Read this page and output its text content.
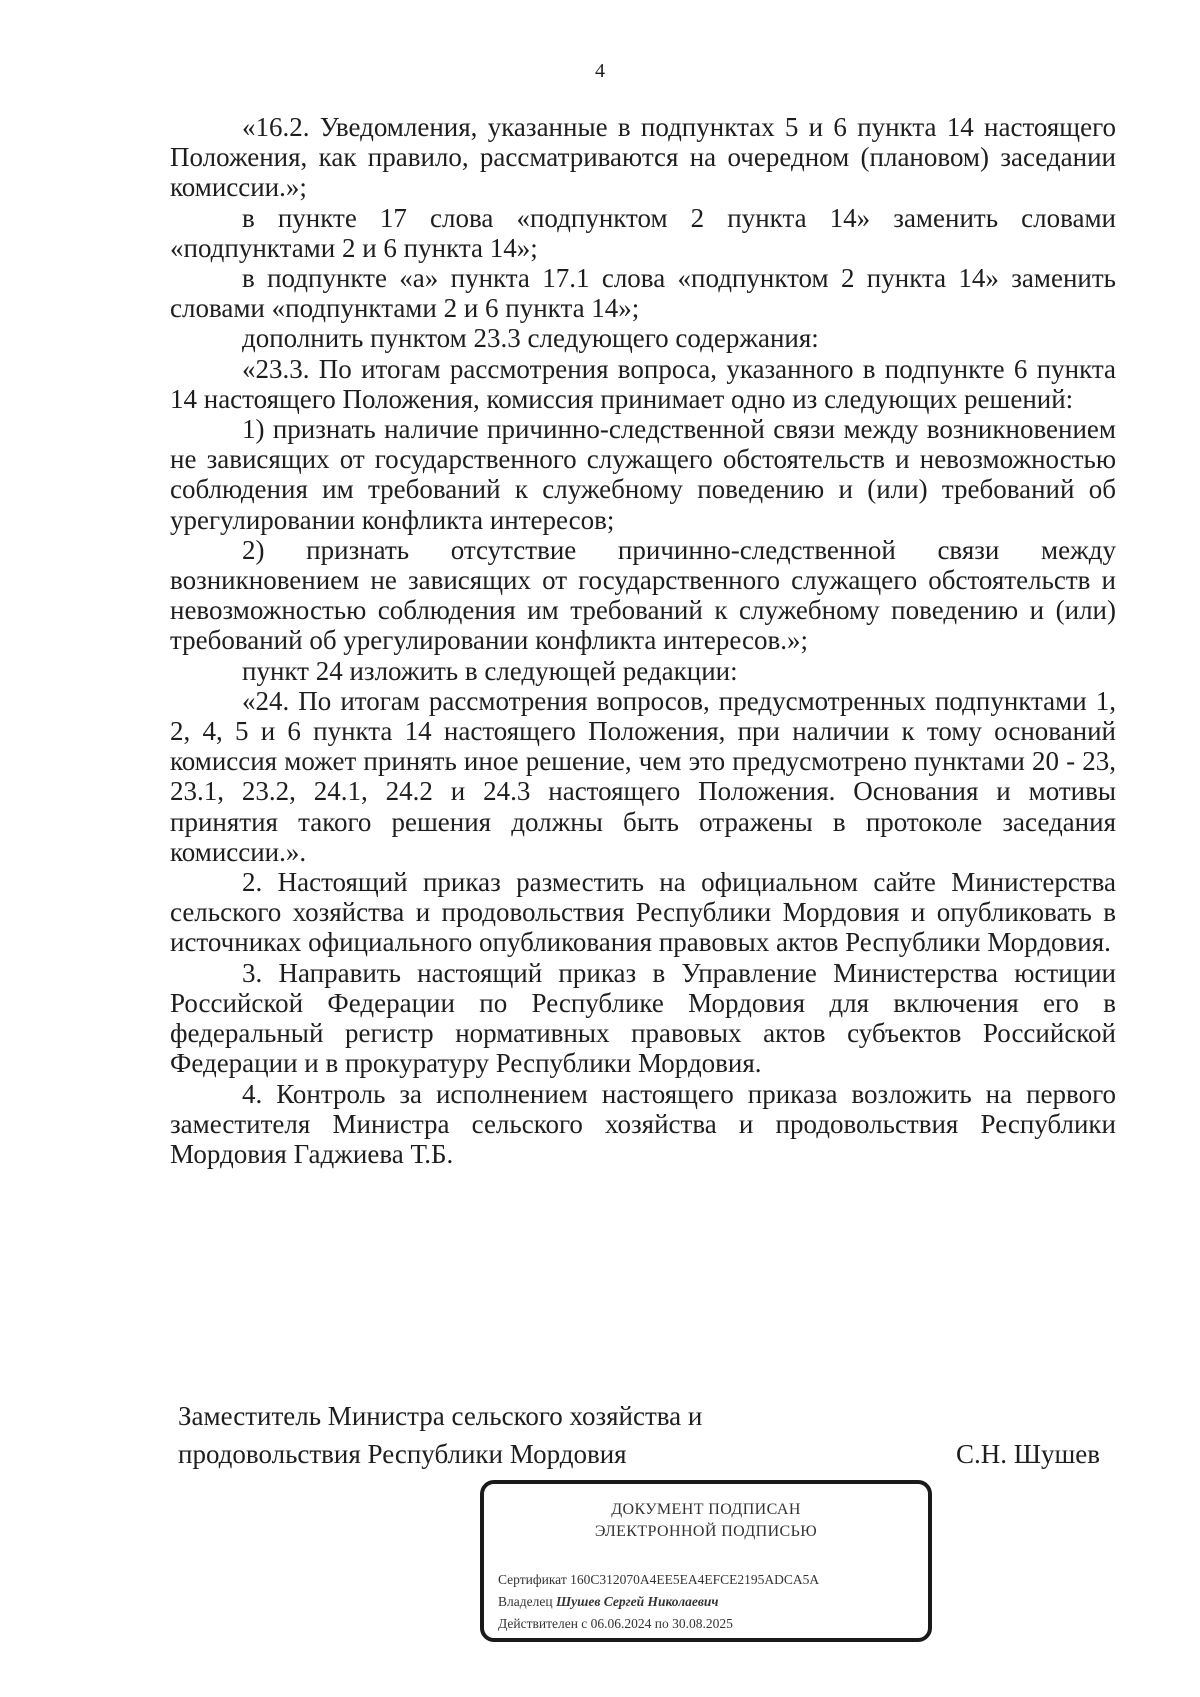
4

«16.2. Уведомления, указанные в подпунктах 5 и 6 пункта 14 настоящего Положения, как правило, рассматриваются на очередном (плановом) заседании комиссии.»;

в пункте 17 слова «подпунктом 2 пункта 14» заменить словами «подпунктами 2 и 6 пункта 14»;

в подпункте «а» пункта 17.1 слова «подпунктом 2 пункта 14» заменить словами «подпунктами 2 и 6 пункта 14»;

дополнить пунктом 23.3 следующего содержания:

«23.3. По итогам рассмотрения вопроса, указанного в подпункте 6 пункта 14 настоящего Положения, комиссия принимает одно из следующих решений:

1) признать наличие причинно-следственной связи между возникновением не зависящих от государственного служащего обстоятельств и невозможностью соблюдения им требований к служебному поведению и (или) требований об урегулировании конфликта интересов;

2) признать отсутствие причинно-следственной связи между возникновением не зависящих от государственного служащего обстоятельств и невозможностью соблюдения им требований к служебному поведению и (или) требований об урегулировании конфликта интересов.»;

пункт 24 изложить в следующей редакции:

«24. По итогам рассмотрения вопросов, предусмотренных подпунктами 1, 2, 4, 5 и 6 пункта 14 настоящего Положения, при наличии к тому оснований комиссия может принять иное решение, чем это предусмотрено пунктами 20 - 23, 23.1, 23.2, 24.1, 24.2 и 24.3 настоящего Положения. Основания и мотивы принятия такого решения должны быть отражены в протоколе заседания комиссии.».

2. Настоящий приказ разместить на официальном сайте Министерства сельского хозяйства и продовольствия Республики Мордовия и опубликовать в источниках официального опубликования правовых актов Республики Мордовия.

3. Направить настоящий приказ в Управление Министерства юстиции Российской Федерации по Республике Мордовия для включения его в федеральный регистр нормативных правовых актов субъектов Российской Федерации и в прокуратуру Республики Мордовия.

4. Контроль за исполнением настоящего приказа возложить на первого заместителя Министра сельского хозяйства и продовольствия Республики Мордовия Гаджиева Т.Б.

Заместитель Министра сельского хозяйства и
продовольствия Республики Мордовия	С.Н. Шушев
ДОКУМЕНТ ПОДПИСАН
ЭЛЕКТРОННОЙ ПОДПИСЬЮ
Сертификат 160C312070A4EE5EA4EFCE2195ADCA5A
Владелец Шушев Сергей Николаевич
Действителен с 06.06.2024 по 30.08.2025
